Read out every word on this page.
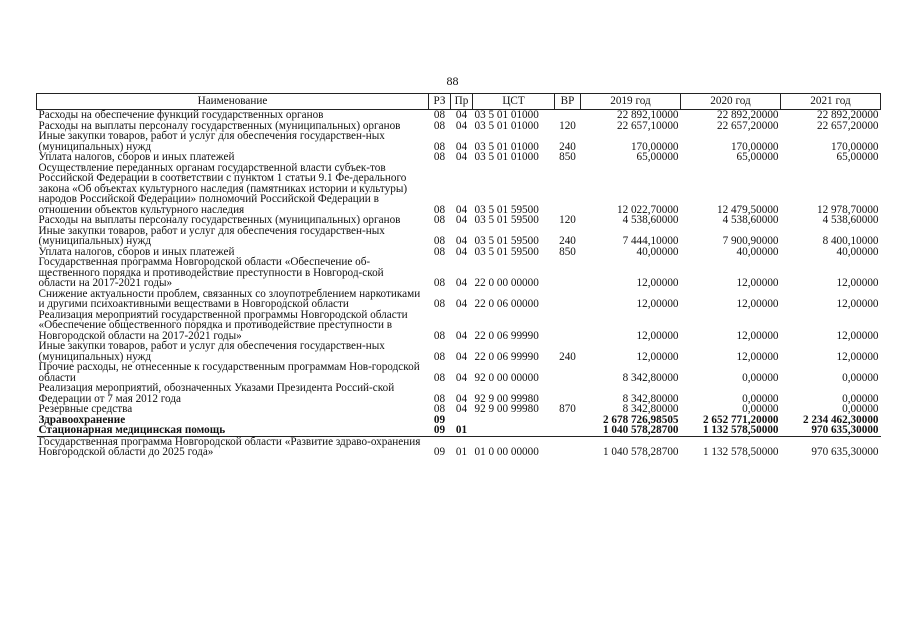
88
Наименование	РЗ	Пр	ЦСТ	ВР	2019 год	2020 год	2021 год
Расходы на обеспечение функций государственных органов	08	04	03 5 01 01000		22 892,10000	22 892,20000	22 892,20000
Расходы на выплаты персоналу государственных (муниципальных) органов	08	04	03 5 01 01000	120	22 657,10000	22 657,20000	22 657,20000
Иные закупки товаров, работ и услуг для обеспечения государствен-ных (муниципальных) нужд	08	04	03 5 01 01000	240	170,00000	170,00000	170,00000
Уплата налогов, сборов и иных платежей	08	04	03 5 01 01000	850	65,00000	65,00000	65,00000
Осуществление переданных органам государственной власти субъек-тов Российской Федерации в соответствии с пунктом 1 статьи 9.1 Фе-дерального закона «Об объектах культурного наследия (памятниках истории и культуры) народов Российской Федерации» полномочий Российской Федерации в отношении объектов культурного наследия	08	04	03 5 01 59500		12 022,70000	12 479,50000	12 978,70000
Расходы на выплаты персоналу государственных (муниципальных) органов	08	04	03 5 01 59500	120	4 538,60000	4 538,60000	4 538,60000
Иные закупки товаров, работ и услуг для обеспечения государствен-ных (муниципальных) нужд	08	04	03 5 01 59500	240	7 444,10000	7 900,90000	8 400,10000
Уплата налогов, сборов и иных платежей	08	04	03 5 01 59500	850	40,00000	40,00000	40,00000
Государственная программа Новгородской области «Обеспечение об-щественного порядка и противодействие преступности в Новгород-ской области на 2017-2021 годы»	08	04	22 0 00 00000		12,00000	12,00000	12,00000
Снижение актуальности проблем, связанных со злоупотреблением наркотиками и другими психоактивными веществами в Новгородской области	08	04	22 0 06 00000		12,00000	12,00000	12,00000
Реализация мероприятий государственной программы Новгородской области «Обеспечение общественного порядка и противодействие преступности в Новгородской области на 2017-2021 годы»	08	04	22 0 06 99990		12,00000	12,00000	12,00000
Иные закупки товаров, работ и услуг для обеспечения государствен-ных (муниципальных) нужд	08	04	22 0 06 99990	240	12,00000	12,00000	12,00000
Прочие расходы, не отнесенные к государственным программам Нов-городской области	08	04	92 0 00 00000		8 342,80000	0,00000	0,00000
Реализация мероприятий, обозначенных Указами Президента Россий-ской Федерации от 7 мая 2012 года	08	04	92 9 00 99980		8 342,80000	0,00000	0,00000
Резервные средства	08	04	92 9 00 99980	870	8 342,80000	0,00000	0,00000
Здравоохранение	09				2 678 726,98505	2 652 771,20000	2 234 462,30000
Стационарная медицинская помощь	09	01			1 040 578,28700	1 132 578,50000	970 635,30000
Государственная программа Новгородской области «Развитие здраво-охранения Новгородской области до 2025 года»	09	01	01 0 00 00000		1 040 578,28700	1 132 578,50000	970 635,30000
